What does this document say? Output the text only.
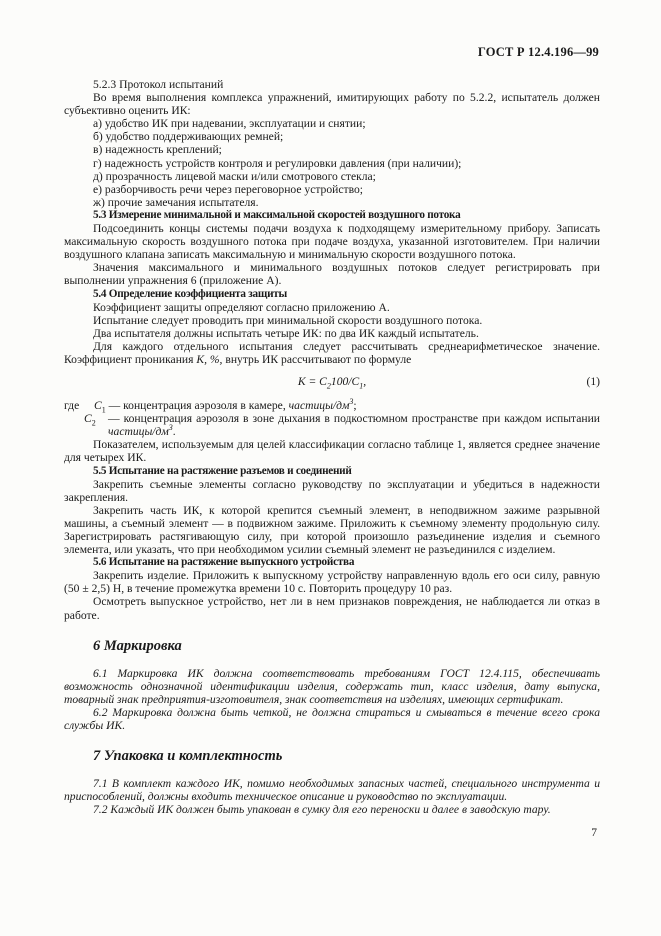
ГОСТ Р 12.4.196—99

5.2.3 Протокол испытаний

Во время выполнения комплекса упражнений, имитирующих работу по 5.2.2, испытатель должен субъективно оценить ИК:

а) удобство ИК при надевании, эксплуатации и снятии;

б) удобство поддерживающих ремней;

в) надежность креплений;

г) надежность устройств контроля и регулировки давления (при наличии);

д) прозрачность лицевой маски и/или смотрового стекла;

е) разборчивость речи через переговорное устройство;

ж) прочие замечания испытателя.

5.3 Измерение минимальной и максимальной скоростей воздушного потока

Подсоединить концы системы подачи воздуха к подходящему измерительному прибору. Записать максимальную скорость воздушного потока при подаче воздуха, указанной изготовителем. При наличии воздушного клапана записать максимальную и минимальную скорости воздушного потока.

Значения максимального и минимального воздушных потоков следует регистрировать при выполнении упражнения 6 (приложение А).

5.4 Определение коэффициента защиты

Коэффициент защиты определяют согласно приложению А.

Испытание следует проводить при минимальной скорости воздушного потока.

Два испытателя должны испытать четыре ИК: по два ИК каждый испытатель.

Для каждого отдельного испытания следует рассчитывать среднеарифметическое значение. Коэффициент проникания K, %, внутрь ИК рассчитывают по формуле

$K = C_2100/C_1$,	(1)
где	$C_1$ — концентрация аэрозоля в камере, частицы/$дм^3$;
$C_2$	— концентрация аэрозоля в зоне дыхания в подкостюмном пространстве при каждом испытании частицы/$дм^3$.

Показателем, используемым для целей классификации согласно таблице 1, является среднее значение для четырех ИК.

5.5 Испытание на растяжение разъемов и соединений

Закрепить съемные элементы согласно руководству по эксплуатации и убедиться в надежности закрепления.

Закрепить часть ИК, к которой крепится съемный элемент, в неподвижном зажиме разрывной машины, а съемный элемент — в подвижном зажиме. Приложить к съемному элементу продольную силу. Зарегистрировать растягивающую силу, при которой произошло разъединение изделия и съемного элемента, или указать, что при необходимом усилии съемный элемент не разъединился с изделием.

5.6 Испытание на растяжение выпускного устройства

Закрепить изделие. Приложить к выпускному устройству направленную вдоль его оси силу, равную (50 ± 2,5) Н, в течение промежутка времени 10 с. Повторить процедуру 10 раз.

Осмотреть выпускное устройство, нет ли в нем признаков повреждения, не наблюдается ли отказ в работе.

6 Маркировка

6.1 Маркировка ИК должна соответствовать требованиям ГОСТ 12.4.115, обеспечивать возможность однозначной идентификации изделия, содержать тип, класс изделия, дату выпуска, товарный знак предприятия-изготовителя, знак соответствия на изделиях, имеющих сертификат.

6.2 Маркировка должна быть четкой, не должна стираться и смываться в течение всего срока службы ИК.

7 Упаковка и комплектность

7.1 В комплект каждого ИК, помимо необходимых запасных частей, специального инструмента и приспособлений, должны входить техническое описание и руководство по эксплуатации.

7.2 Каждый ИК должен быть упакован в сумку для его переноски и далее в заводскую тару.

7
